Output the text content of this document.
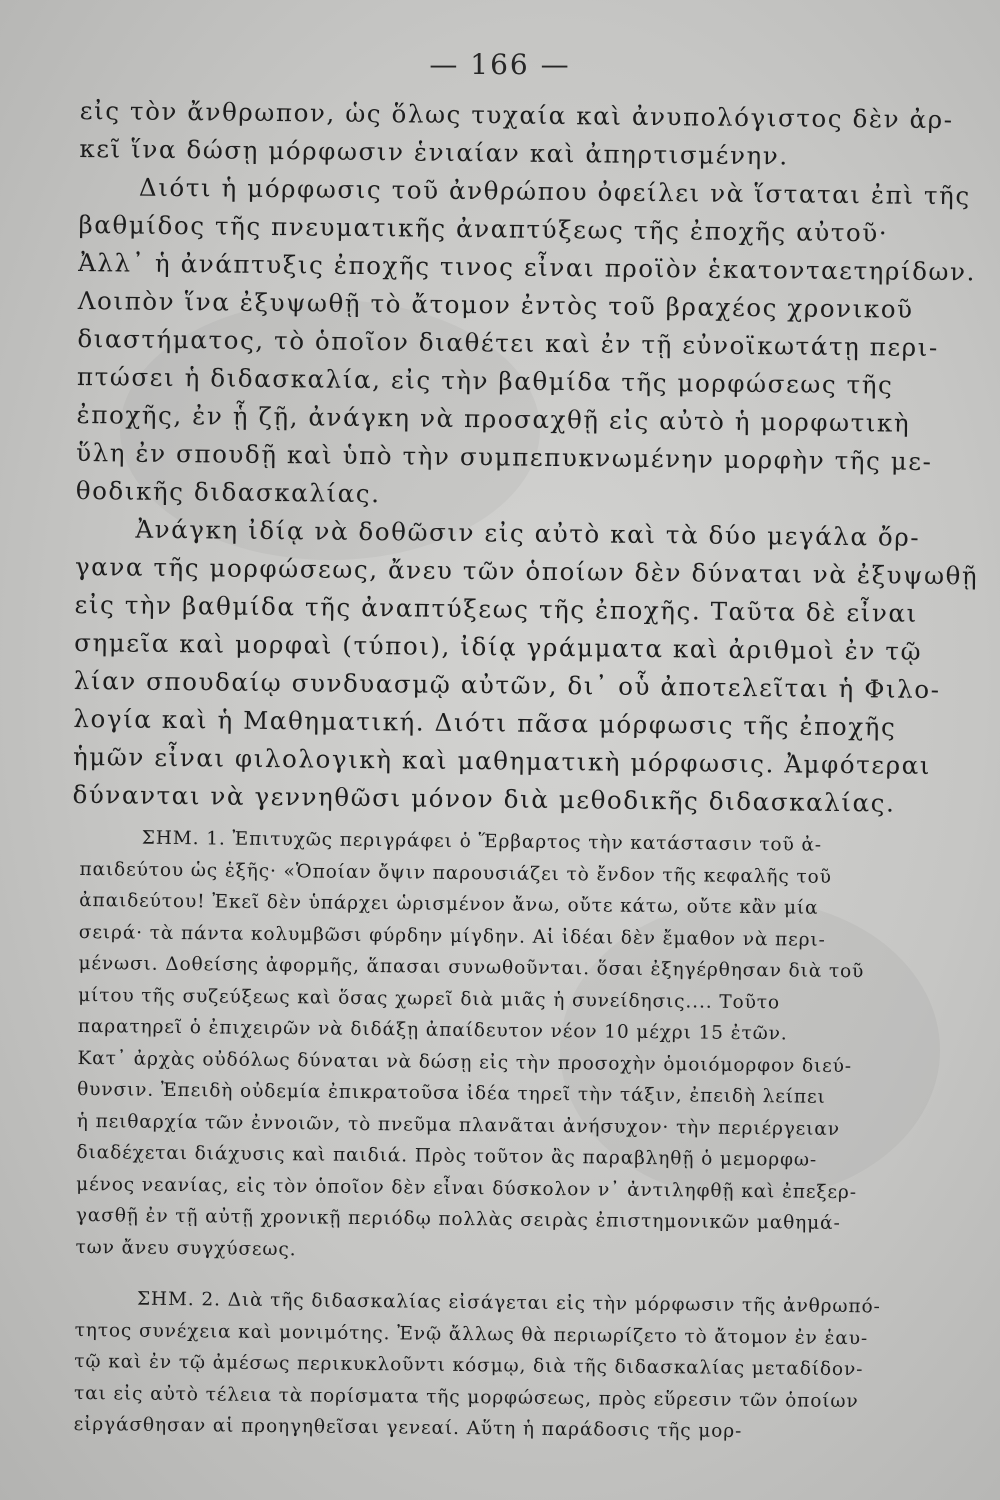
— 166 —
εἰς τὸν ἄνθρωπον, ὡς ὅλως τυχαία καὶ ἀνυπολόγιστος δὲν ἀρ-
κεῖ ἵνα δώσῃ μόρφωσιν ἑνιαίαν καὶ ἀπηρτισμένην.
Διότι ἡ μόρφωσις τοῦ ἀνθρώπου ὀφείλει νὰ ἵσταται ἐπὶ τῆς
βαθμίδος τῆς πνευματικῆς ἀναπτύξεως τῆς ἐποχῆς αὐτοῦ·
Ἀλλ᾽ ἡ ἀνάπτυξις ἐποχῆς τινος εἶναι προϊὸν ἑκατονταετηρίδων.
Λοιπὸν ἵνα ἐξυψωθῇ τὸ ἄτομον ἐντὸς τοῦ βραχέος χρονικοῦ
διαστήματος, τὸ ὁποῖον διαθέτει καὶ ἐν τῇ εὐνοϊκωτάτῃ περι-
πτώσει ἡ διδασκαλία, εἰς τὴν βαθμίδα τῆς μορφώσεως τῆς
ἐποχῆς, ἐν ᾗ ζῇ, ἀνάγκη νὰ προσαχθῇ εἰς αὐτὸ ἡ μορφωτικὴ
ὕλη ἐν σπουδῇ καὶ ὑπὸ τὴν συμπεπυκνωμένην μορφὴν τῆς με-
θοδικῆς διδασκαλίας.
Ἀνάγκη ἰδίᾳ νὰ δοθῶσιν εἰς αὐτὸ καὶ τὰ δύο μεγάλα ὄρ-
γανα τῆς μορφώσεως, ἄνευ τῶν ὁποίων δὲν δύναται νὰ ἐξυψωθῇ
εἰς τὴν βαθμίδα τῆς ἀναπτύξεως τῆς ἐποχῆς. Ταῦτα δὲ εἶναι
σημεῖα καὶ μορφαὶ (τύποι), ἰδίᾳ γράμματα καὶ ἀριθμοὶ ἐν τῷ
λίαν σπουδαίῳ συνδυασμῷ αὐτῶν, δι᾽ οὗ ἀποτελεῖται ἡ Φιλο-
λογία καὶ ἡ Μαθηματική. Διότι πᾶσα μόρφωσις τῆς ἐποχῆς
ἡμῶν εἶναι φιλολογικὴ καὶ μαθηματικὴ μόρφωσις. Ἀμφότεραι
δύνανται νὰ γεννηθῶσι μόνον διὰ μεθοδικῆς διδασκαλίας.
ΣΗΜ. 1. Ἐπιτυχῶς περιγράφει ὁ Ἕρβαρτος τὴν κατάστασιν τοῦ ἀ-
παιδεύτου ὡς ἑξῆς· «Ὁποίαν ὄψιν παρουσιάζει τὸ ἔνδον τῆς κεφαλῆς τοῦ
ἀπαιδεύτου! Ἐκεῖ δὲν ὑπάρχει ὡρισμένον ἄνω, οὔτε κάτω, οὔτε κἂν μία
σειρά· τὰ πάντα κολυμβῶσι φύρδην μίγδην. Αἱ ἰδέαι δὲν ἔμαθον νὰ περι-
μένωσι. Δοθείσης ἀφορμῆς, ἅπασαι συνωθοῦνται. ὅσαι ἐξηγέρθησαν διὰ τοῦ
μίτου τῆς συζεύξεως καὶ ὅσας χωρεῖ διὰ μιᾶς ἡ συνείδησις.... Τοῦτο
παρατηρεῖ ὁ ἐπιχειρῶν νὰ διδάξῃ ἀπαίδευτον νέον 10 μέχρι 15 ἐτῶν.
Κατ᾽ ἀρχὰς οὐδόλως δύναται νὰ δώσῃ εἰς τὴν προσοχὴν ὁμοιόμορφον διεύ-
θυνσιν. Ἐπειδὴ οὐδεμία ἐπικρατοῦσα ἰδέα τηρεῖ τὴν τάξιν, ἐπειδὴ λείπει
ἡ πειθαρχία τῶν ἐννοιῶν, τὸ πνεῦμα πλανᾶται ἀνήσυχον· τὴν περιέργειαν
διαδέχεται διάχυσις καὶ παιδιά. Πρὸς τοῦτον ἂς παραβληθῇ ὁ μεμορφω-
μένος νεανίας, εἰς τὸν ὁποῖον δὲν εἶναι δύσκολον ν᾽ ἀντιληφθῇ καὶ ἐπεξερ-
γασθῇ ἐν τῇ αὐτῇ χρονικῇ περιόδῳ πολλὰς σειρὰς ἐπιστημονικῶν μαθημά-
των ἄνευ συγχύσεως.
ΣΗΜ. 2. Διὰ τῆς διδασκαλίας εἰσάγεται εἰς τὴν μόρφωσιν τῆς ἀνθρωπό-
τητος συνέχεια καὶ μονιμότης. Ἐνῷ ἄλλως θὰ περιωρίζετο τὸ ἄτομον ἐν ἑαυ-
τῷ καὶ ἐν τῷ ἀμέσως περικυκλοῦντι κόσμῳ, διὰ τῆς διδασκαλίας μεταδίδον-
ται εἰς αὐτὸ τέλεια τὰ πορίσματα τῆς μορφώσεως, πρὸς εὕρεσιν τῶν ὁποίων
εἰργάσθησαν αἱ προηγηθεῖσαι γενεαί. Αὕτη ἡ παράδοσις τῆς μορ-
